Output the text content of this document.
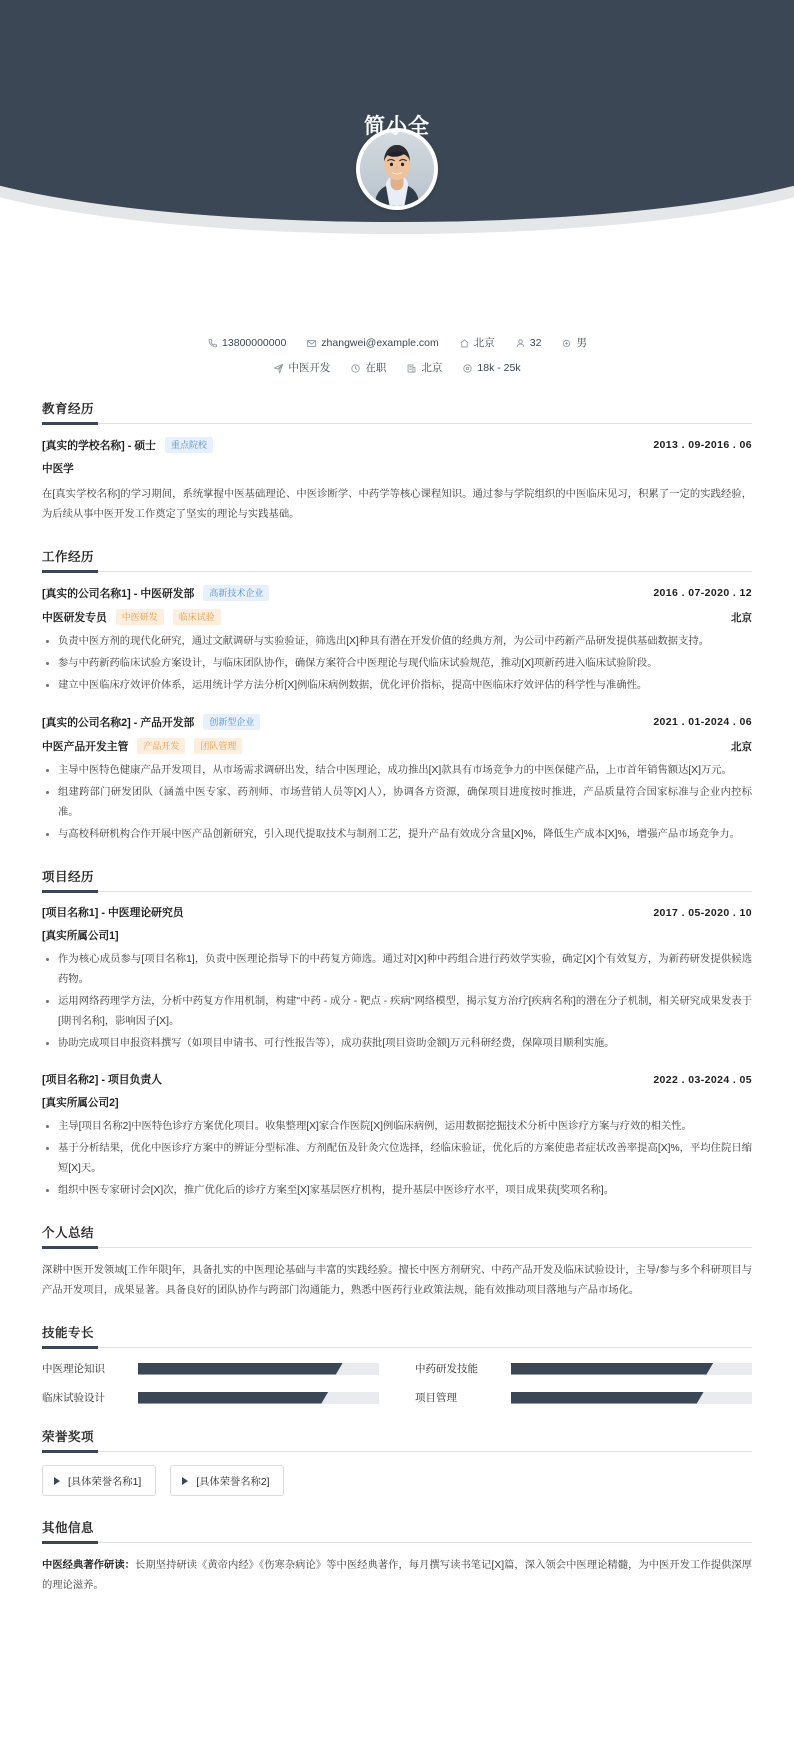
简小全
13800000000	zhangwei@example.com	北京	32	男
中医开发	在职	北京	18k - 25k
教育经历
[真实的学校名称] - 硕士	重点院校	2013 . 09-2016 . 06
中医学
在[真实学校名称]的学习期间，系统掌握中医基础理论、中医诊断学、中药学等核心课程知识。通过参与学院组织的中医临床见习，积累了一定的实践经验，为后续从事中医开发工作奠定了坚实的理论与实践基础。
工作经历
[真实的公司名称1] - 中医研发部	高新技术企业	2016 . 07-2020 . 12
中医研发专员	中医研发	临床试验	北京
负责中医方剂的现代化研究，通过文献调研与实验验证，筛选出[X]种具有潜在开发价值的经典方剂，为公司中药新产品研发提供基础数据支持。
参与中药新药临床试验方案设计，与临床团队协作，确保方案符合中医理论与现代临床试验规范，推动[X]项新药进入临床试验阶段。
建立中医临床疗效评价体系，运用统计学方法分析[X]例临床病例数据，优化评价指标，提高中医临床疗效评估的科学性与准确性。
[真实的公司名称2] - 产品开发部	创新型企业	2021 . 01-2024 . 06
中医产品开发主管	产品开发	团队管理	北京
主导中医特色健康产品开发项目，从市场需求调研出发，结合中医理论，成功推出[X]款具有市场竞争力的中医保健产品，上市首年销售额达[X]万元。
组建跨部门研发团队（涵盖中医专家、药剂师、市场营销人员等[X]人），协调各方资源，确保项目进度按时推进，产品质量符合国家标准与企业内控标准。
与高校科研机构合作开展中医产品创新研究，引入现代提取技术与制剂工艺，提升产品有效成分含量[X]%，降低生产成本[X]%，增强产品市场竞争力。
项目经历
[项目名称1] - 中医理论研究员	2017 . 05-2020 . 10
[真实所属公司1]
作为核心成员参与[项目名称1]，负责中医理论指导下的中药复方筛选。通过对[X]种中药组合进行药效学实验，确定[X]个有效复方，为新药研发提供候选药物。
运用网络药理学方法，分析中药复方作用机制，构建"中药 - 成分 - 靶点 - 疾病"网络模型，揭示复方治疗[疾病名称]的潜在分子机制，相关研究成果发表于[期刊名称]，影响因子[X]。
协助完成项目申报资料撰写（如项目申请书、可行性报告等），成功获批[项目资助金额]万元科研经费，保障项目顺利实施。
[项目名称2] - 项目负责人	2022 . 03-2024 . 05
[真实所属公司2]
主导[项目名称2]中医特色诊疗方案优化项目。收集整理[X]家合作医院[X]例临床病例，运用数据挖掘技术分析中医诊疗方案与疗效的相关性。
基于分析结果，优化中医诊疗方案中的辨证分型标准、方剂配伍及针灸穴位选择，经临床验证，优化后的方案使患者症状改善率提高[X]%，平均住院日缩短[X]天。
组织中医专家研讨会[X]次，推广优化后的诊疗方案至[X]家基层医疗机构，提升基层中医诊疗水平，项目成果获[奖项名称]。
个人总结
深耕中医开发领域[工作年限]年，具备扎实的中医理论基础与丰富的实践经验。擅长中医方剂研究、中药产品开发及临床试验设计，主导/参与多个科研项目与产品开发项目，成果显著。具备良好的团队协作与跨部门沟通能力，熟悉中医药行业政策法规，能有效推动项目落地与产品市场化。
技能专长
中医理论知识	中药研发技能
临床试验设计	项目管理
荣誉奖项
[具体荣誉名称1]	[具体荣誉名称2]
其他信息

中医经典著作研读：长期坚持研读《黄帝内经》《伤寒杂病论》等中医经典著作，每月撰写读书笔记[X]篇，深入领会中医理论精髓，为中医开发工作提供深厚的理论滋养。
